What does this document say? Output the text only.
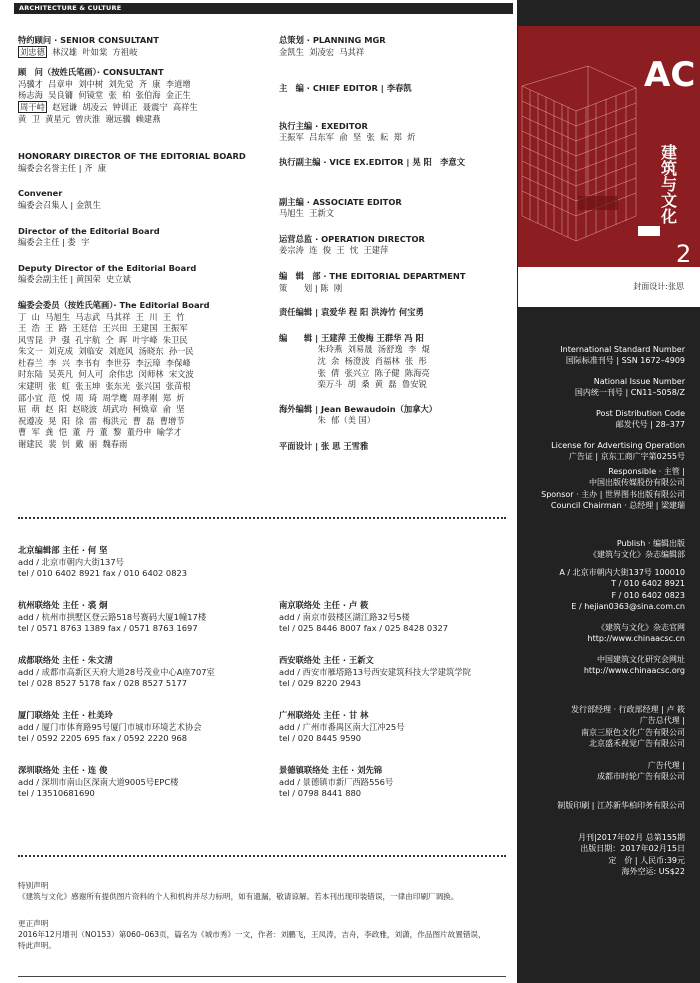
ARCHITECTURE & CULTURE
特约顾问 · SENIOR CONSULTANT
刘忠德  林汉雄  叶如棠  方祖岐
顾　问（按姓氏笔画）· CONSULTANT
冯骥才  吕章申  刘中树  刘先觉  齐  康  李道增
杨志海  吴良镛  何镜堂  张  柏  张伯海  金正生
周干峙  赵冠谦  胡凌云  钟训正  聂震宁  高祥生
黄  卫  黄星元  曾庆淮  谢远骥  赖建燕
HONORARY DIRECTOR OF THE EDITORIAL BOARD
编委会名誉主任 | 齐  康
Convener
编委会召集人 | 金凯生
Director of the Editorial Board
编委会主任 | 娄  宇
Deputy Director of the Editorial Board
编委会副主任 | 黄国荣  史立斌
编委会委员（按姓氏笔画）· The Editorial Board
丁  山  马旭生  马志武  马其祥  王  川  王  竹
王  浩  王  路  王廷信  王兴田  王建国  王振军
风雪昆  尹  强  孔宇航  仝  晖  叶宇峰  朱卫民
朱文一  刘克成  刘临安  刘庭风  汤晓东  孙一民
杜春兰  李  兴  李书有  李世芬  李沄璋  李保峰
时东陆  吴英凡  何人可  余伟忠  闵师林  宋文波
宋建明  张  虹  张玉坤  张东光  张兴国  张苗根
邵小宜  范  悦  周  琦  周学鹰  周孝刚  郑  炘
屈  萌  赵  阳  赵晓波  胡武功  柯焕章  俞  坚
祝遵凌  晃  阳  徐  雷  梅洪元  曹  磊  曹增节
曹  军  龚  恺  董  丹  董  黎  董丹申  喻学才
谢建民  裴  钊  戴  丽  魏春雨
总策划 · PLANNING MGR
金凯生  刘凌宏  马其祥
主　编 · CHIEF EDITOR | 李春凯
执行主编 · EXEDITOR
王振军  吕东军  俞  坚  张  耘  郑  炘
执行副主编 · VICE EX.EDITOR | 晃 阳　李意文
副主编 · ASSOCIATE EDITOR
马旭生  王新文
运营总监 · OPERATION DIRECTOR
姜宗涛  连  俊  王  忱  王建萍
编　辑　部 · THE EDITORIAL DEPARTMENT
策　　划 | 陈  刚
责任编辑 | 袁爱华 程 阳 洪涛竹 何宝勇
编　　辑 | 王建萍 王俊梅 王群华 冯 阳
　　　　  朱玲燕  刘易晟  汤舒逸  李  焜
　　　　  沈  余  杨澄波  肖福林  张  彤
　　　　  张  倩  张兴立  陈子健  陈海亮
　　　　  栾万斗  胡  桑  黄  磊  鲁安锐
海外编辑 | Jean Bewaudoin（加拿大）
　　　　  朱  郁（美 国）
平面设计 | 张 思 王雪雅
北京编辑部 主任 · 何 坚
add / 北京市朝内大街137号
tel / 010 6402 8921 fax / 010 6402 0823
杭州联络处 主任 · 裘 炯
add / 杭州市拱墅区登云路518号赛码大厦1幢17楼
tel / 0571 8763 1389 fax / 0571 8763 1697
南京联络处 主任 · 卢 筱
add / 南京市鼓楼区湖江路32号5楼
tel / 025 8446 8007 fax / 025 8428 0327
成都联络处 主任 · 朱文清
add / 成都市高新区天府大道28号茂业中心A座707室
tel / 028 8527 5178 fax / 028 8527 5177
西安联络处 主任 · 王新文
add / 西安市雁塔路13号西安建筑科技大学建筑学院
tel / 029 8220 2943
厦门联络处 主任 · 杜美玲
add / 厦门市体育路95号厦门市城市环境艺术协会
tel / 0592 2205 695 fax / 0592 2220 968
广州联络处 主任 · 甘 林
add / 广州市番禺区南大江冲25号
tel / 020 8445 9590
深圳联络处 主任 · 连 俊
add / 深圳市南山区深南大道9005号EPC楼
tel / 13510681690
景德镇联络处 主任 · 刘先锦
add / 景德镇市新厂西路556号
tel / 0798 8441 880
特别声明
《建筑与文化》感谢所有提供图片资料的个人和机构并尽力标明，如有遗漏，敬请谅解。若本刊出现印装错误，一律由印刷厂调换。
更正声明
2016年12月增刊（NO153）第060–063页，篇名为《城市秀》一文，作者：刘鹏飞，王凤涛，吉舟，李政雅，刘潇，作品图片故置错误，特此声明。
AC
建筑与文化
2
封面设计:张思
International Standard Number
国际标准刊号 | SSN 1672–4909
National Issue Number
国内统一刊号 | CN11–5058/Z
Post Distribution Code
邮发代号 | 28–377
License for Advertising Operation
广告证 | 京东工商广字第0255号
Responsible · 主管 |
中国出版传媒股份有限公司
Sponsor · 主办 | 世界图书出版有限公司
Council Chairman · 总经理 | 梁建瑞
Publish · 编辑出版
《建筑与文化》杂志编辑部
A / 北京市朝内大街137号 100010
T / 010 6402 8921
F / 010 6402 0823
E / hejian0363@sina.com.cn
《建筑与文化》杂志官网
http://www.chinaacsc.cn
中国建筑文化研究会网址
http://www.chinaacsc.org
发行部经理 · 行政部经理 | 卢 筱
广告总代理 |
南京三原色文化广告有限公司
北京盛禾视觉广告有限公司
广告代理 |
成都市时轮广告有限公司
制版印刷 | 江苏新华柏印务有限公司
月刊|2017年02月 总第155期
出版日期：2017年02月15日
定　价 | 人民币:39元
海外空运: US$22
